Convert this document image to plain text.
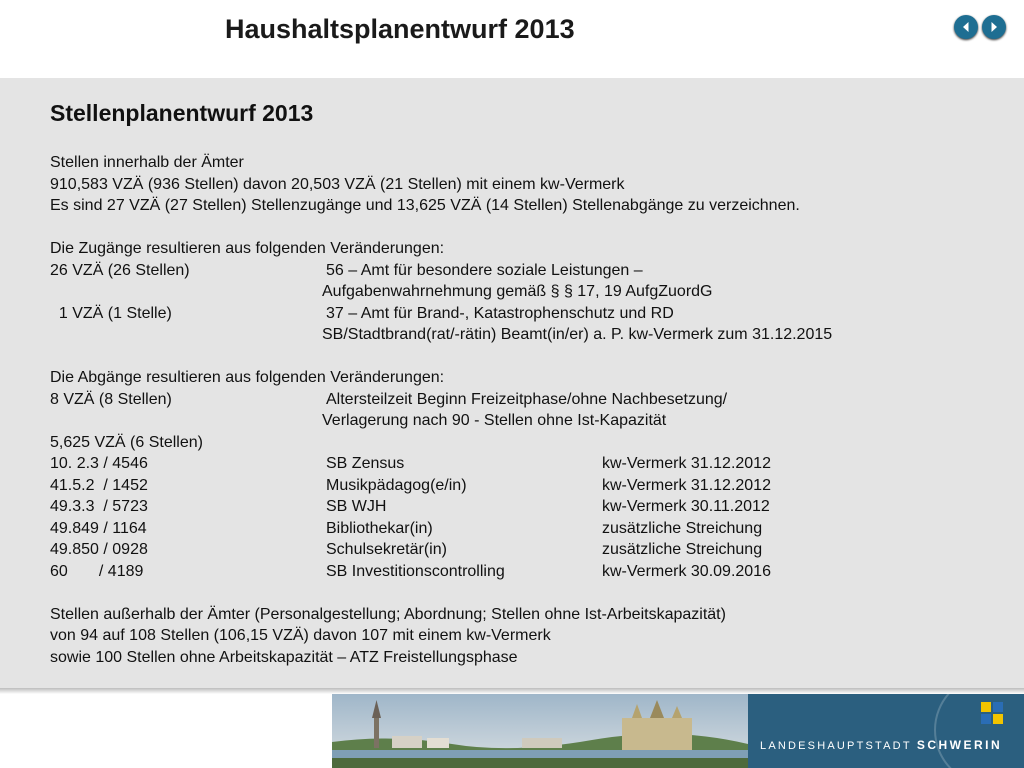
Haushaltsplanentwurf 2013
Stellenplanentwurf 2013
Stellen innerhalb der Ämter
910,583 VZÄ (936 Stellen) davon 20,503 VZÄ (21 Stellen) mit einem kw-Vermerk
Es sind 27 VZÄ (27 Stellen) Stellenzugänge und 13,625 VZÄ (14 Stellen) Stellenabgänge zu verzeichnen.
Die Zugänge resultieren aus folgenden Veränderungen:
26 VZÄ (26 Stellen)	56 – Amt für besondere soziale Leistungen –
Aufgabenwahrnehmung gemäß § § 17, 19 AufgZuordG
1 VZÄ (1 Stelle)	37 – Amt für Brand-, Katastrophenschutz und RD
SB/Stadtbrand(rat/-rätin) Beamt(in/er) a. P. kw-Vermerk zum 31.12.2015
Die Abgänge resultieren aus folgenden Veränderungen:
8 VZÄ (8 Stellen)	Altersteilzeit Beginn Freizeitphase/ohne Nachbesetzung/
Verlagerung nach 90 - Stellen ohne Ist-Kapazität
5,625 VZÄ (6 Stellen)
10. 2.3 / 4546	SB Zensus	kw-Vermerk 31.12.2012
41.5.2  / 1452	Musikpädagog(e/in)	kw-Vermerk 31.12.2012
49.3.3  / 5723	SB WJH	kw-Vermerk 30.11.2012
49.849 / 1164	Bibliothekar(in)	zusätzliche Streichung
49.850 / 0928	Schulsekretär(in)	zusätzliche Streichung
60       / 4189	SB Investitionscontrolling	kw-Vermerk 30.09.2016
Stellen außerhalb der Ämter (Personalgestellung; Abordnung; Stellen ohne Ist-Arbeitskapazität)
von 94 auf 108 Stellen (106,15 VZÄ) davon 107 mit einem kw-Vermerk
sowie 100 Stellen ohne Arbeitskapazität – ATZ Freistellungsphase
LANDESHAUPTSTADT SCHWERIN
